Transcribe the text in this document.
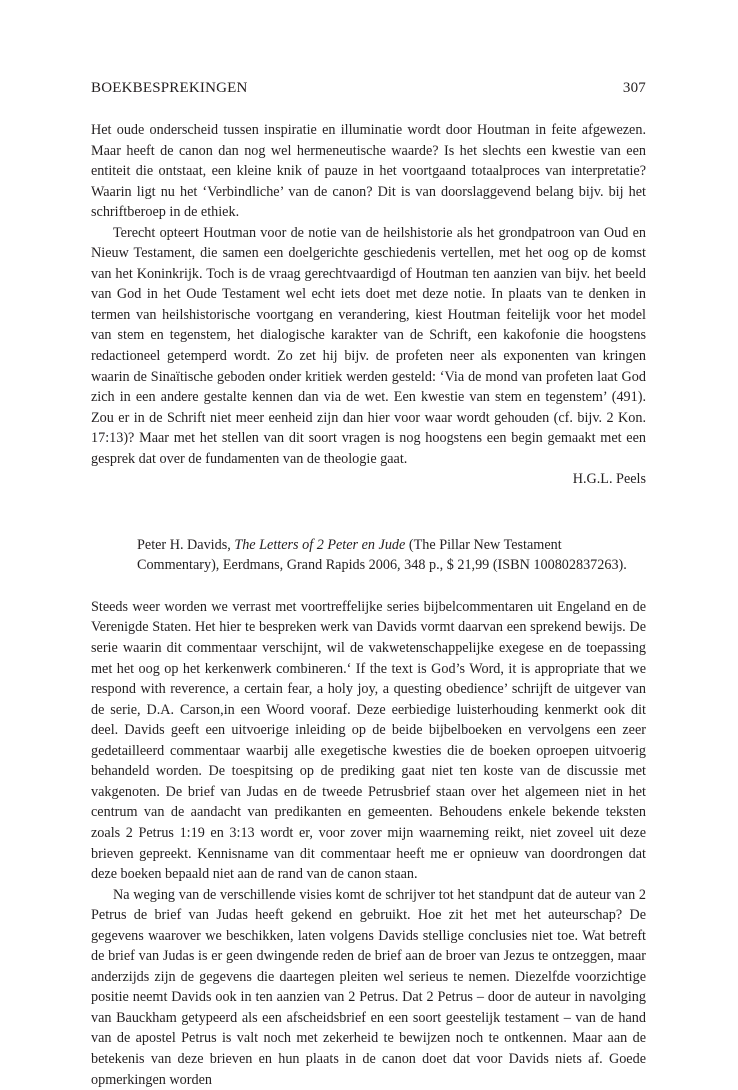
BOEKBESPREKINGEN	307

Het oude onderscheid tussen inspiratie en illuminatie wordt door Houtman in feite afgewezen. Maar heeft de canon dan nog wel hermeneutische waarde? Is het slechts een kwestie van een entiteit die ontstaat, een kleine knik of pauze in het voortgaand totaalproces van interpretatie? Waarin ligt nu het ‘Verbindliche’ van de canon? Dit is van doorslaggevend belang bijv. bij het schriftberoep in de ethiek.

Terecht opteert Houtman voor de notie van de heilshistorie als het grondpatroon van Oud en Nieuw Testament, die samen een doelgerichte geschiedenis vertellen, met het oog op de komst van het Koninkrijk. Toch is de vraag gerechtvaardigd of Houtman ten aanzien van bijv. het beeld van God in het Oude Testament wel echt iets doet met deze notie. In plaats van te denken in termen van heilshistorische voortgang en verandering, kiest Houtman feitelijk voor het model van stem en tegenstem, het dialogische karakter van de Schrift, een kakofonie die hoogstens redactioneel getemperd wordt. Zo zet hij bijv. de profeten neer als exponenten van kringen waarin de Sinaïtische geboden onder kritiek werden gesteld: ‘Via de mond van profeten laat God zich in een andere gestalte kennen dan via de wet. Een kwestie van stem en tegenstem’ (491). Zou er in de Schrift niet meer eenheid zijn dan hier voor waar wordt gehouden (cf. bijv. 2 Kon. 17:13)? Maar met het stellen van dit soort vragen is nog hoogstens een begin gemaakt met een gesprek dat over de fundamenten van de theologie gaat.

H.G.L. Peels
Peter H. Davids, The Letters of 2 Peter en Jude (The Pillar New Testament Commentary), Eerdmans, Grand Rapids 2006, 348 p., $ 21,99 (ISBN 100802837263).

Steeds weer worden we verrast met voortreffelijke series bijbelcommentaren uit Engeland en de Verenigde Staten. Het hier te bespreken werk van Davids vormt daarvan een sprekend bewijs. De serie waarin dit commentaar verschijnt, wil de vakwetenschappelijke exegese en de toepassing met het oog op het kerkenwerk combineren.‘ If the text is God’s Word, it is appropriate that we respond with reverence, a certain fear, a holy joy, a questing obedience’ schrijft de uitgever van de serie, D.A. Carson,in een Woord vooraf. Deze eerbiedige luisterhouding kenmerkt ook dit deel. Davids geeft een uitvoerige inleiding op de beide bijbelboeken en vervolgens een zeer gedetailleerd commentaar waarbij alle exegetische kwesties die de boeken oproepen uitvoerig behandeld worden. De toespitsing op de prediking gaat niet ten koste van de discussie met vakgenoten. De brief van Judas en de tweede Petrusbrief staan over het algemeen niet in het centrum van de aandacht van predikanten en gemeenten. Behoudens enkele bekende teksten zoals 2 Petrus 1:19 en 3:13 wordt er, voor zover mijn waarneming reikt, niet zoveel uit deze brieven gepreekt. Kennisname van dit commentaar heeft me er opnieuw van doordrongen dat deze boeken bepaald niet aan de rand van de canon staan.

Na weging van de verschillende visies komt de schrijver tot het standpunt dat de auteur van 2 Petrus de brief van Judas heeft gekend en gebruikt. Hoe zit het met het auteurschap? De gegevens waarover we beschikken, laten volgens Davids stellige conclusies niet toe. Wat betreft de brief van Judas is er geen dwingende reden de brief aan de broer van Jezus te ontzeggen, maar anderzijds zijn de gegevens die daartegen pleiten wel serieus te nemen. Diezelfde voorzichtige positie neemt Davids ook in ten aanzien van 2 Petrus. Dat 2 Petrus – door de auteur in navolging van Bauckham getypeerd als een afscheidsbrief en een soort geestelijk testament – van de hand van de apostel Petrus is valt noch met zekerheid te bewijzen noch te ontkennen. Maar aan de betekenis van deze brieven en hun plaats in de canon doet dat voor Davids niets af. Goede opmerkingen worden
